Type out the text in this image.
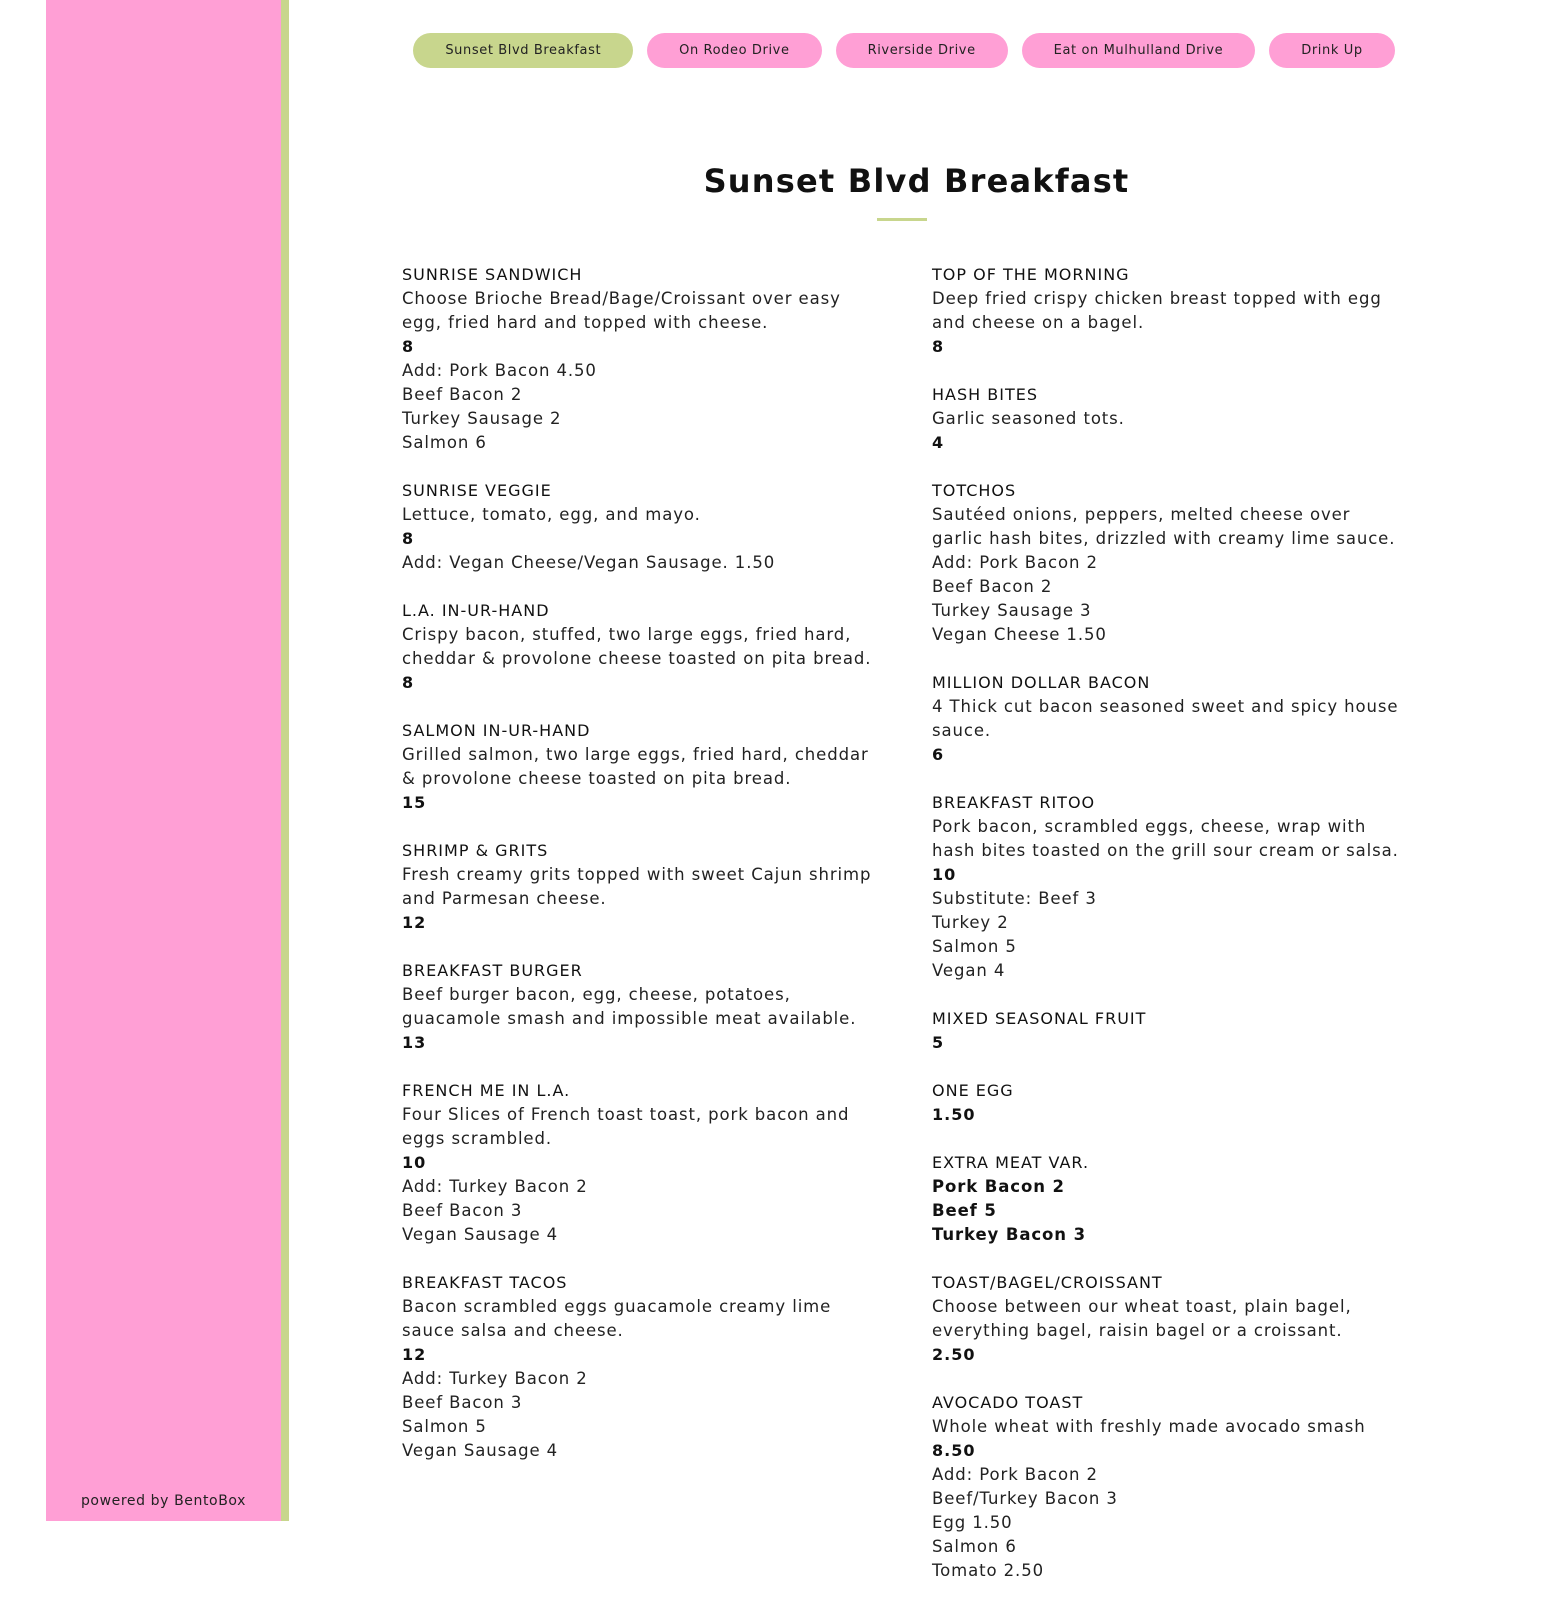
powered by BentoBox
Sunset Blvd Breakfast	On Rodeo Drive	Riverside Drive	Eat on Mulhulland Drive	Drink Up
Sunset Blvd Breakfast
SUNRISE SANDWICH
Choose Brioche Bread/Bage/Croissant over easy egg, fried hard and topped with cheese.
8
Add: Pork Bacon 4.50
Beef Bacon 2
Turkey Sausage 2
Salmon 6
SUNRISE VEGGIE
Lettuce, tomato, egg, and mayo.
8
Add: Vegan Cheese/Vegan Sausage. 1.50
L.A. IN-UR-HAND
Crispy bacon, stuffed, two large eggs, fried hard, cheddar & provolone cheese toasted on pita bread.
8
SALMON IN-UR-HAND
Grilled salmon, two large eggs, fried hard, cheddar & provolone cheese toasted on pita bread.
15
SHRIMP & GRITS
Fresh creamy grits topped with sweet Cajun shrimp and Parmesan cheese.
12
BREAKFAST BURGER
Beef burger bacon, egg, cheese, potatoes, guacamole smash and impossible meat available.
13
FRENCH ME IN L.A.
Four Slices of French toast toast, pork bacon and eggs scrambled.
10
Add: Turkey Bacon 2
Beef Bacon 3
Vegan Sausage 4
BREAKFAST TACOS
Bacon scrambled eggs guacamole creamy lime sauce salsa and cheese.
12
Add: Turkey Bacon 2
Beef Bacon 3
Salmon 5
Vegan Sausage 4
TOP OF THE MORNING
Deep fried crispy chicken breast topped with egg and cheese on a bagel.
8
HASH BITES
Garlic seasoned tots.
4
TOTCHOS
Sautéed onions, peppers, melted cheese over garlic hash bites, drizzled with creamy lime sauce.
Add: Pork Bacon 2
Beef Bacon 2
Turkey Sausage 3
Vegan Cheese 1.50
MILLION DOLLAR BACON
4 Thick cut bacon seasoned sweet and spicy house sauce.
6
BREAKFAST RITOO
Pork bacon, scrambled eggs, cheese, wrap with hash bites toasted on the grill sour cream or salsa.
10
Substitute: Beef 3
Turkey 2
Salmon 5
Vegan 4
MIXED SEASONAL FRUIT
5
ONE EGG
1.50
EXTRA MEAT VAR.
Pork Bacon 2
Beef 5
Turkey Bacon 3
TOAST/BAGEL/CROISSANT
Choose between our wheat toast, plain bagel, everything bagel, raisin bagel or a croissant.
2.50
AVOCADO TOAST
Whole wheat with freshly made avocado smash
8.50
Add: Pork Bacon 2
Beef/Turkey Bacon 3
Egg 1.50
Salmon 6
Tomato 2.50
